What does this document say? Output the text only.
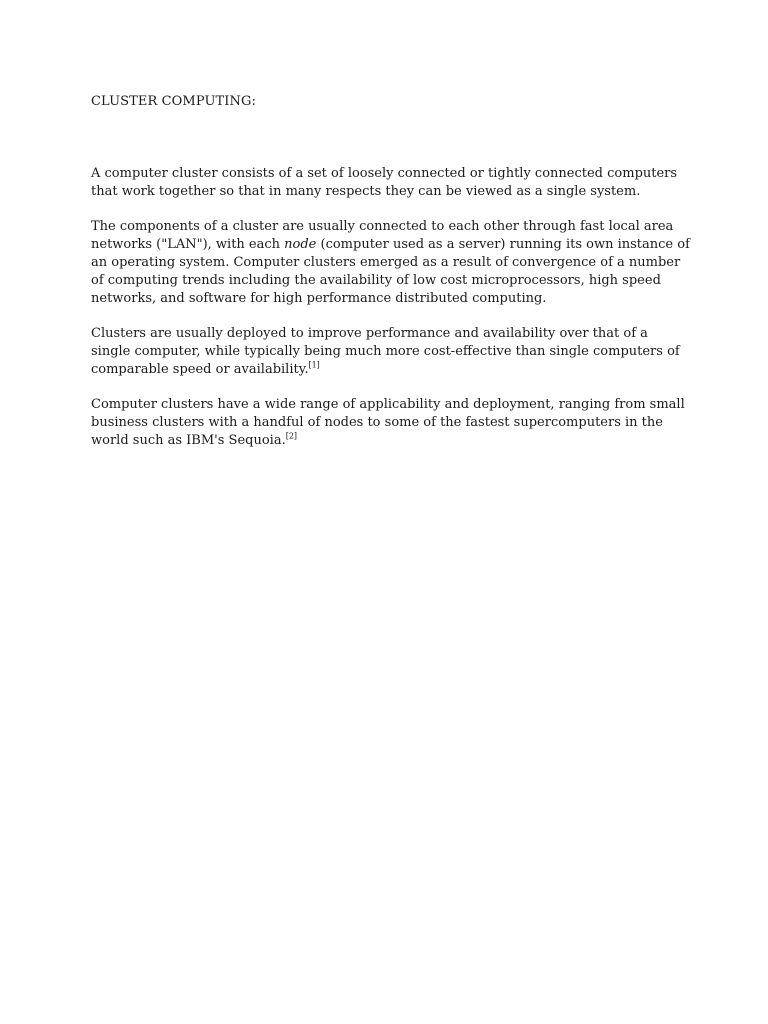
CLUSTER COMPUTING:

A computer cluster consists of a set of loosely connected or tightly connected computers that work together so that in many respects they can be viewed as a single system.

The components of a cluster are usually connected to each other through fast local area networks ("LAN"), with each node (computer used as a server) running its own instance of an operating system. Computer clusters emerged as a result of convergence of a number of computing trends including the availability of low cost microprocessors, high speed networks, and software for high performance distributed computing.

Clusters are usually deployed to improve performance and availability over that of a single computer, while typically being much more cost-effective than single computers of comparable speed or availability.[1]

Computer clusters have a wide range of applicability and deployment, ranging from small business clusters with a handful of nodes to some of the fastest supercomputers in the world such as IBM's Sequoia.[2]
